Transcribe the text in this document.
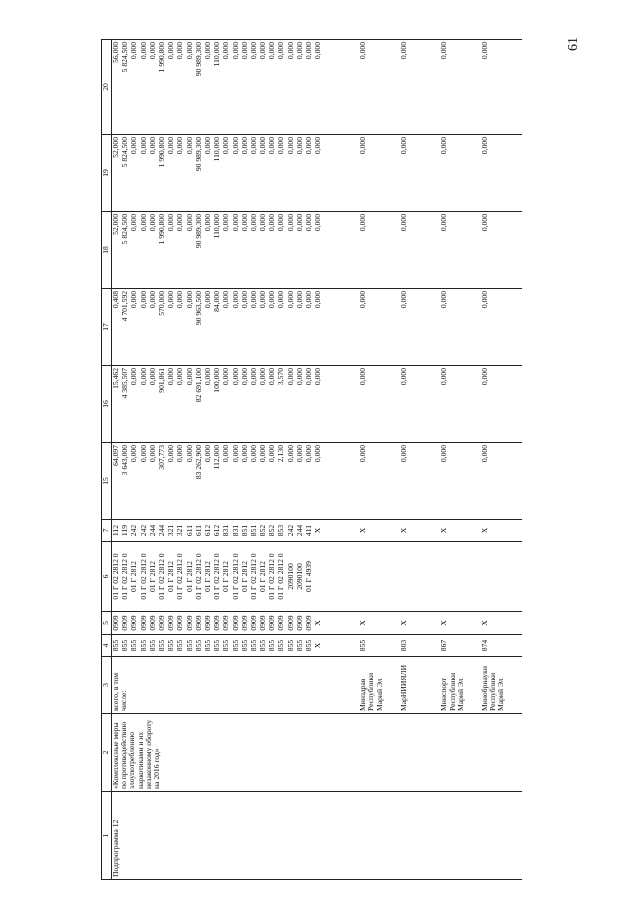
61
1	2	3	4	5	6	7	15	16	17	18	19	20
Подпрограмма 12	«Комплексные меры по противодействию злоупотреблению наркотиками и их незаконному обороту на 2016 год»	всего, в том числе:	855	0909	01 Г 02 2812 0	112	64,097	15,462	0,408	52,000	52,000	56,000
			855	0909	01 Г 02 2812 0	119	3 643,000	4 385,507	4 701,592	5 824,500	5 824,500	5 824,500
			855	0909	01 Г 2812	242	0,000	0,000	0,000	0,000	0,000	0,000
			855	0909	01 Г 02 2812 0	242	0,000	0,000	0,000	0,000	0,000	0,000
			855	0909	01 Г 2812	244	0,000	0,000	0,000	0,000	0,000	0,000
			855	0909	01 Г 02 2812 0	244	307,773	901,861	570,000	1 990,800	1 990,800	1 990,800
			855	0909	01 Г 2812	321	0,000	0,000	0,000	0,000	0,000	0,000
			855	0909	01 Г 02 2812 0	321	0,000	0,000	0,000	0,000	0,000	0,000
			855	0909	01 Г 2812	611	0,000	0,000	0,000	0,000	0,000	0,000
			855	0909	01 Г 02 2812 0	611	83 262,900	82 691,100	90 963,500	90 989,300	90 989,300	90 989,300
			855	0909	01 Г 2812	612	0,000	0,000	0,000	0,000	0,000	0,000
			855	0909	01 Г 02 2812 0	612	112,000	100,000	84,000	110,000	110,000	110,000
			855	0909	01 Г 2812	831	0,000	0,000	0,000	0,000	0,000	0,000
			855	0909	01 Г 02 2812 0	831	0,000	0,000	0,000	0,000	0,000	0,000
			855	0909	01 Г 2812	851	0,000	0,000	0,000	0,000	0,000	0,000
			855	0909	01 Г 02 2812 0	851	0,000	0,000	0,000	0,000	0,000	0,000
			855	0909	01 Г 2812	852	0,000	0,000	0,000	0,000	0,000	0,000
			855	0909	01 Г 02 2812 0	852	0,000	0,000	0,000	0,000	0,000	0,000
			855	0909	01 Г 02 2812 0	853	2,130	3,570	0,000	0,000	0,000	0,000
			855	0909	2090100	242	0,000	0,000	0,000	0,000	0,000	0,000
			855	0909	2090100	244	0,000	0,000	0,000	0,000	0,000	0,000
			855	0909	01 Г 4939	411	0,000	0,000	0,000	0,000	0,000	0,000
			X	X		X	0,000	0,000	0,000	0,000	0,000	0,000

		Минздрав Республики Марий Эл	855	X		X	0,000	0,000	0,000	0,000	0,000	0,000

		МарНИИЯЛИ	803	X		X	0,000	0,000	0,000	0,000	0,000	0,000

		Минспорт Республики Марий Эл	867	X		X	0,000	0,000	0,000	0,000	0,000	0,000

		Минобрнауки Республики Марий Эл	874	X		X	0,000	0,000	0,000	0,000	0,000	0,000
